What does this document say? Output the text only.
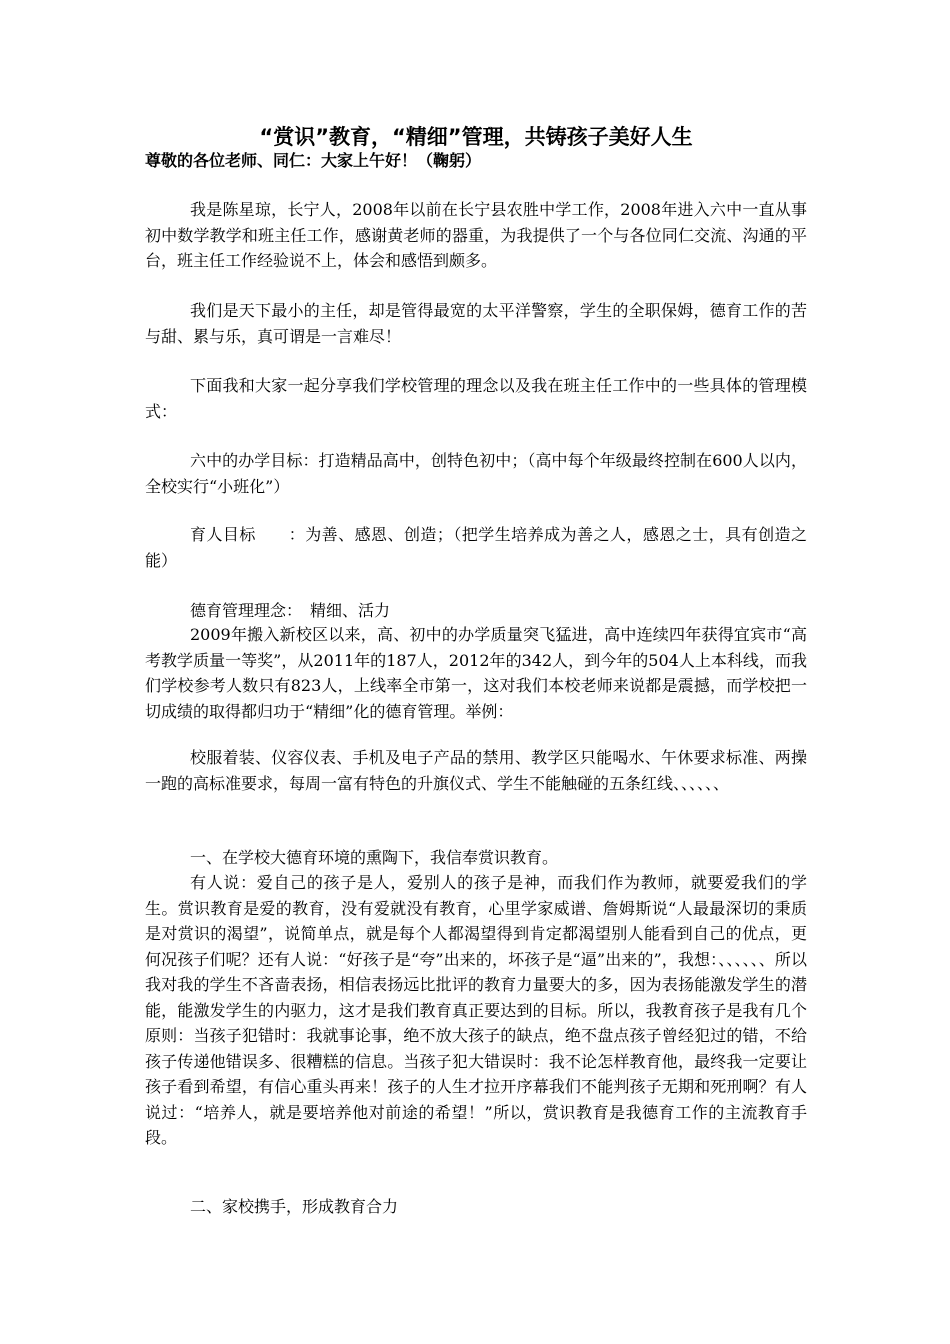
“赏识”教育，“精细”管理，共铸孩子美好人生
尊敬的各位老师、同仁：大家上午好！（鞠躬）

我是陈星琼，长宁人，2008年以前在长宁县农胜中学工作，2008年进入六中一直从事初中数学教学和班主任工作，感谢黄老师的器重，为我提供了一个与各位同仁交流、沟通的平台，班主任工作经验说不上，体会和感悟到颇多。

我们是天下最小的主任，却是管得最宽的太平洋警察，学生的全职保姆，德育工作的苦与甜、累与乐，真可谓是一言难尽！

下面我和大家一起分享我们学校管理的理念以及我在班主任工作中的一些具体的管理模式：

六中的办学目标：打造精品高中，创特色初中；（高中每个年级最终控制在600人以内，全校实行“小班化”）

育人目标　　：为善、感恩、创造；（把学生培养成为善之人，感恩之士，具有创造之能）

德育管理理念：　精细、活力

2009年搬入新校区以来，高、初中的办学质量突飞猛进，高中连续四年获得宜宾市“高考教学质量一等奖”，从2011年的187人，2012年的342人，到今年的504人上本科线，而我们学校参考人数只有823人，上线率全市第一，这对我们本校老师来说都是震撼，而学校把一切成绩的取得都归功于“精细”化的德育管理。举例：

校服着装、仪容仪表、手机及电子产品的禁用、教学区只能喝水、午休要求标准、两操一跑的高标准要求，每周一富有特色的升旗仪式、学生不能触碰的五条红线、、、、、、

一、在学校大德育环境的熏陶下，我信奉赏识教育。

有人说：爱自己的孩子是人，爱别人的孩子是神，而我们作为教师，就要爱我们的学生。赏识教育是爱的教育，没有爱就没有教育，心里学家威谱、詹姆斯说“人最最深切的秉质是对赏识的渴望”，说简单点，就是每个人都渴望得到肯定都渴望别人能看到自己的优点，更何况孩子们呢？还有人说：“好孩子是“夸”出来的，坏孩子是“逼”出来的”，我想：、、、、、、所以我对我的学生不吝啬表扬，相信表扬远比批评的教育力量要大的多，因为表扬能激发学生的潜能，能激发学生的内驱力，这才是我们教育真正要达到的目标。所以，我教育孩子是我有几个原则：当孩子犯错时：我就事论事，绝不放大孩子的缺点，绝不盘点孩子曾经犯过的错，不给孩子传递他错误多、很糟糕的信息。当孩子犯大错误时：我不论怎样教育他，最终我一定要让孩子看到希望，有信心重头再来！孩子的人生才拉开序幕我们不能判孩子无期和死刑啊？有人说过：“培养人，就是要培养他对前途的希望！”所以，赏识教育是我德育工作的主流教育手段。

二、家校携手，形成教育合力
